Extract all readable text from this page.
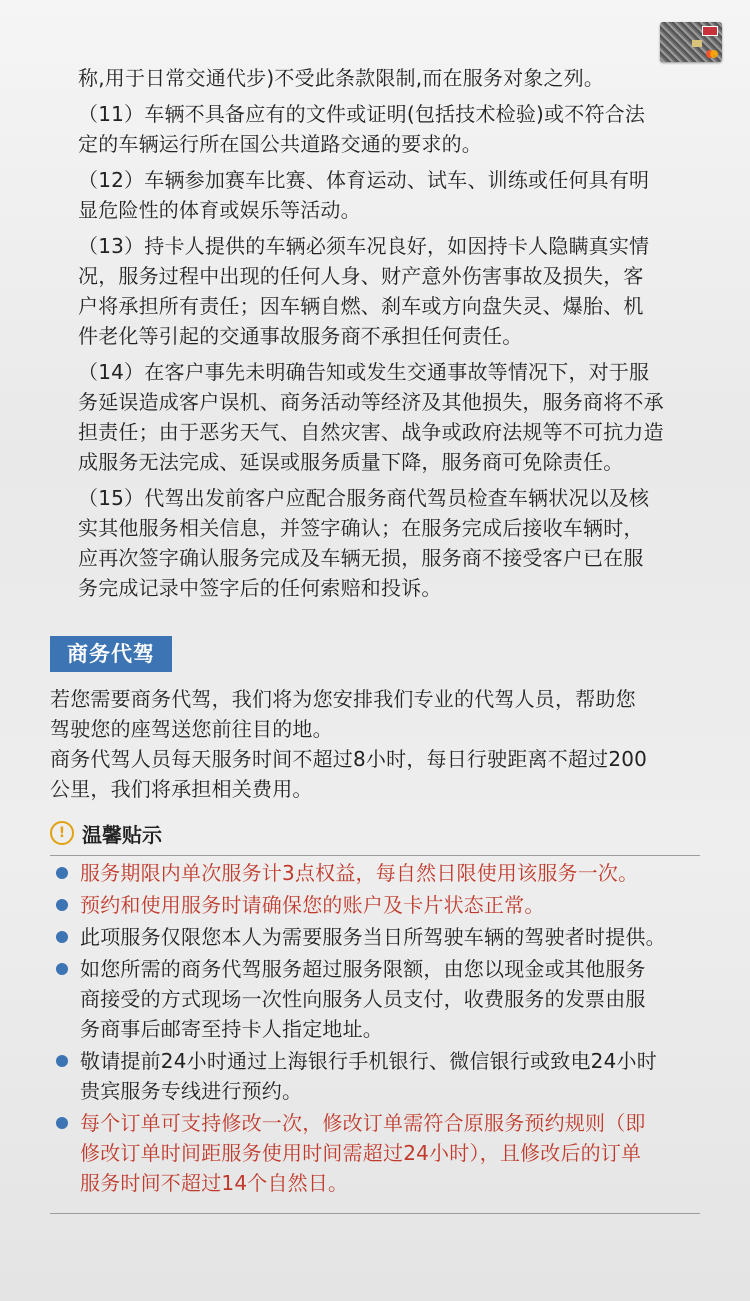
称,用于日常交通代步)不受此条款限制,而在服务对象之列。
（11）车辆不具备应有的文件或证明(包括技术检验)或不符合法
定的车辆运行所在国公共道路交通的要求的。
（12）车辆参加赛车比赛、体育运动、试车、训练或任何具有明
显危险性的体育或娱乐等活动。
（13）持卡人提供的车辆必须车况良好，如因持卡人隐瞒真实情
况，服务过程中出现的任何人身、财产意外伤害事故及损失，客
户将承担所有责任；因车辆自燃、刹车或方向盘失灵、爆胎、机
件老化等引起的交通事故服务商不承担任何责任。
（14）在客户事先未明确告知或发生交通事故等情况下，对于服
务延误造成客户误机、商务活动等经济及其他损失，服务商将不承
担责任；由于恶劣天气、自然灾害、战争或政府法规等不可抗力造
成服务无法完成、延误或服务质量下降，服务商可免除责任。
（15）代驾出发前客户应配合服务商代驾员检查车辆状况以及核
实其他服务相关信息，并签字确认；在服务完成后接收车辆时，
应再次签字确认服务完成及车辆无损，服务商不接受客户已在服
务完成记录中签字后的任何索赔和投诉。
商务代驾
若您需要商务代驾，我们将为您安排我们专业的代驾人员，帮助您
驾驶您的座驾送您前往目的地。
商务代驾人员每天服务时间不超过8小时，每日行驶距离不超过200
公里，我们将承担相关费用。
! 温馨贴示
服务期限内单次服务计3点权益，每自然日限使用该服务一次。
预约和使用服务时请确保您的账户及卡片状态正常。
此项服务仅限您本人为需要服务当日所驾驶车辆的驾驶者时提供。
如您所需的商务代驾服务超过服务限额，由您以现金或其他服务
商接受的方式现场一次性向服务人员支付，收费服务的发票由服
务商事后邮寄至持卡人指定地址。
敬请提前24小时通过上海银行手机银行、微信银行或致电24小时
贵宾服务专线进行预约。
每个订单可支持修改一次，修改订单需符合原服务预约规则（即
修改订单时间距服务使用时间需超过24小时），且修改后的订单
服务时间不超过14个自然日。
